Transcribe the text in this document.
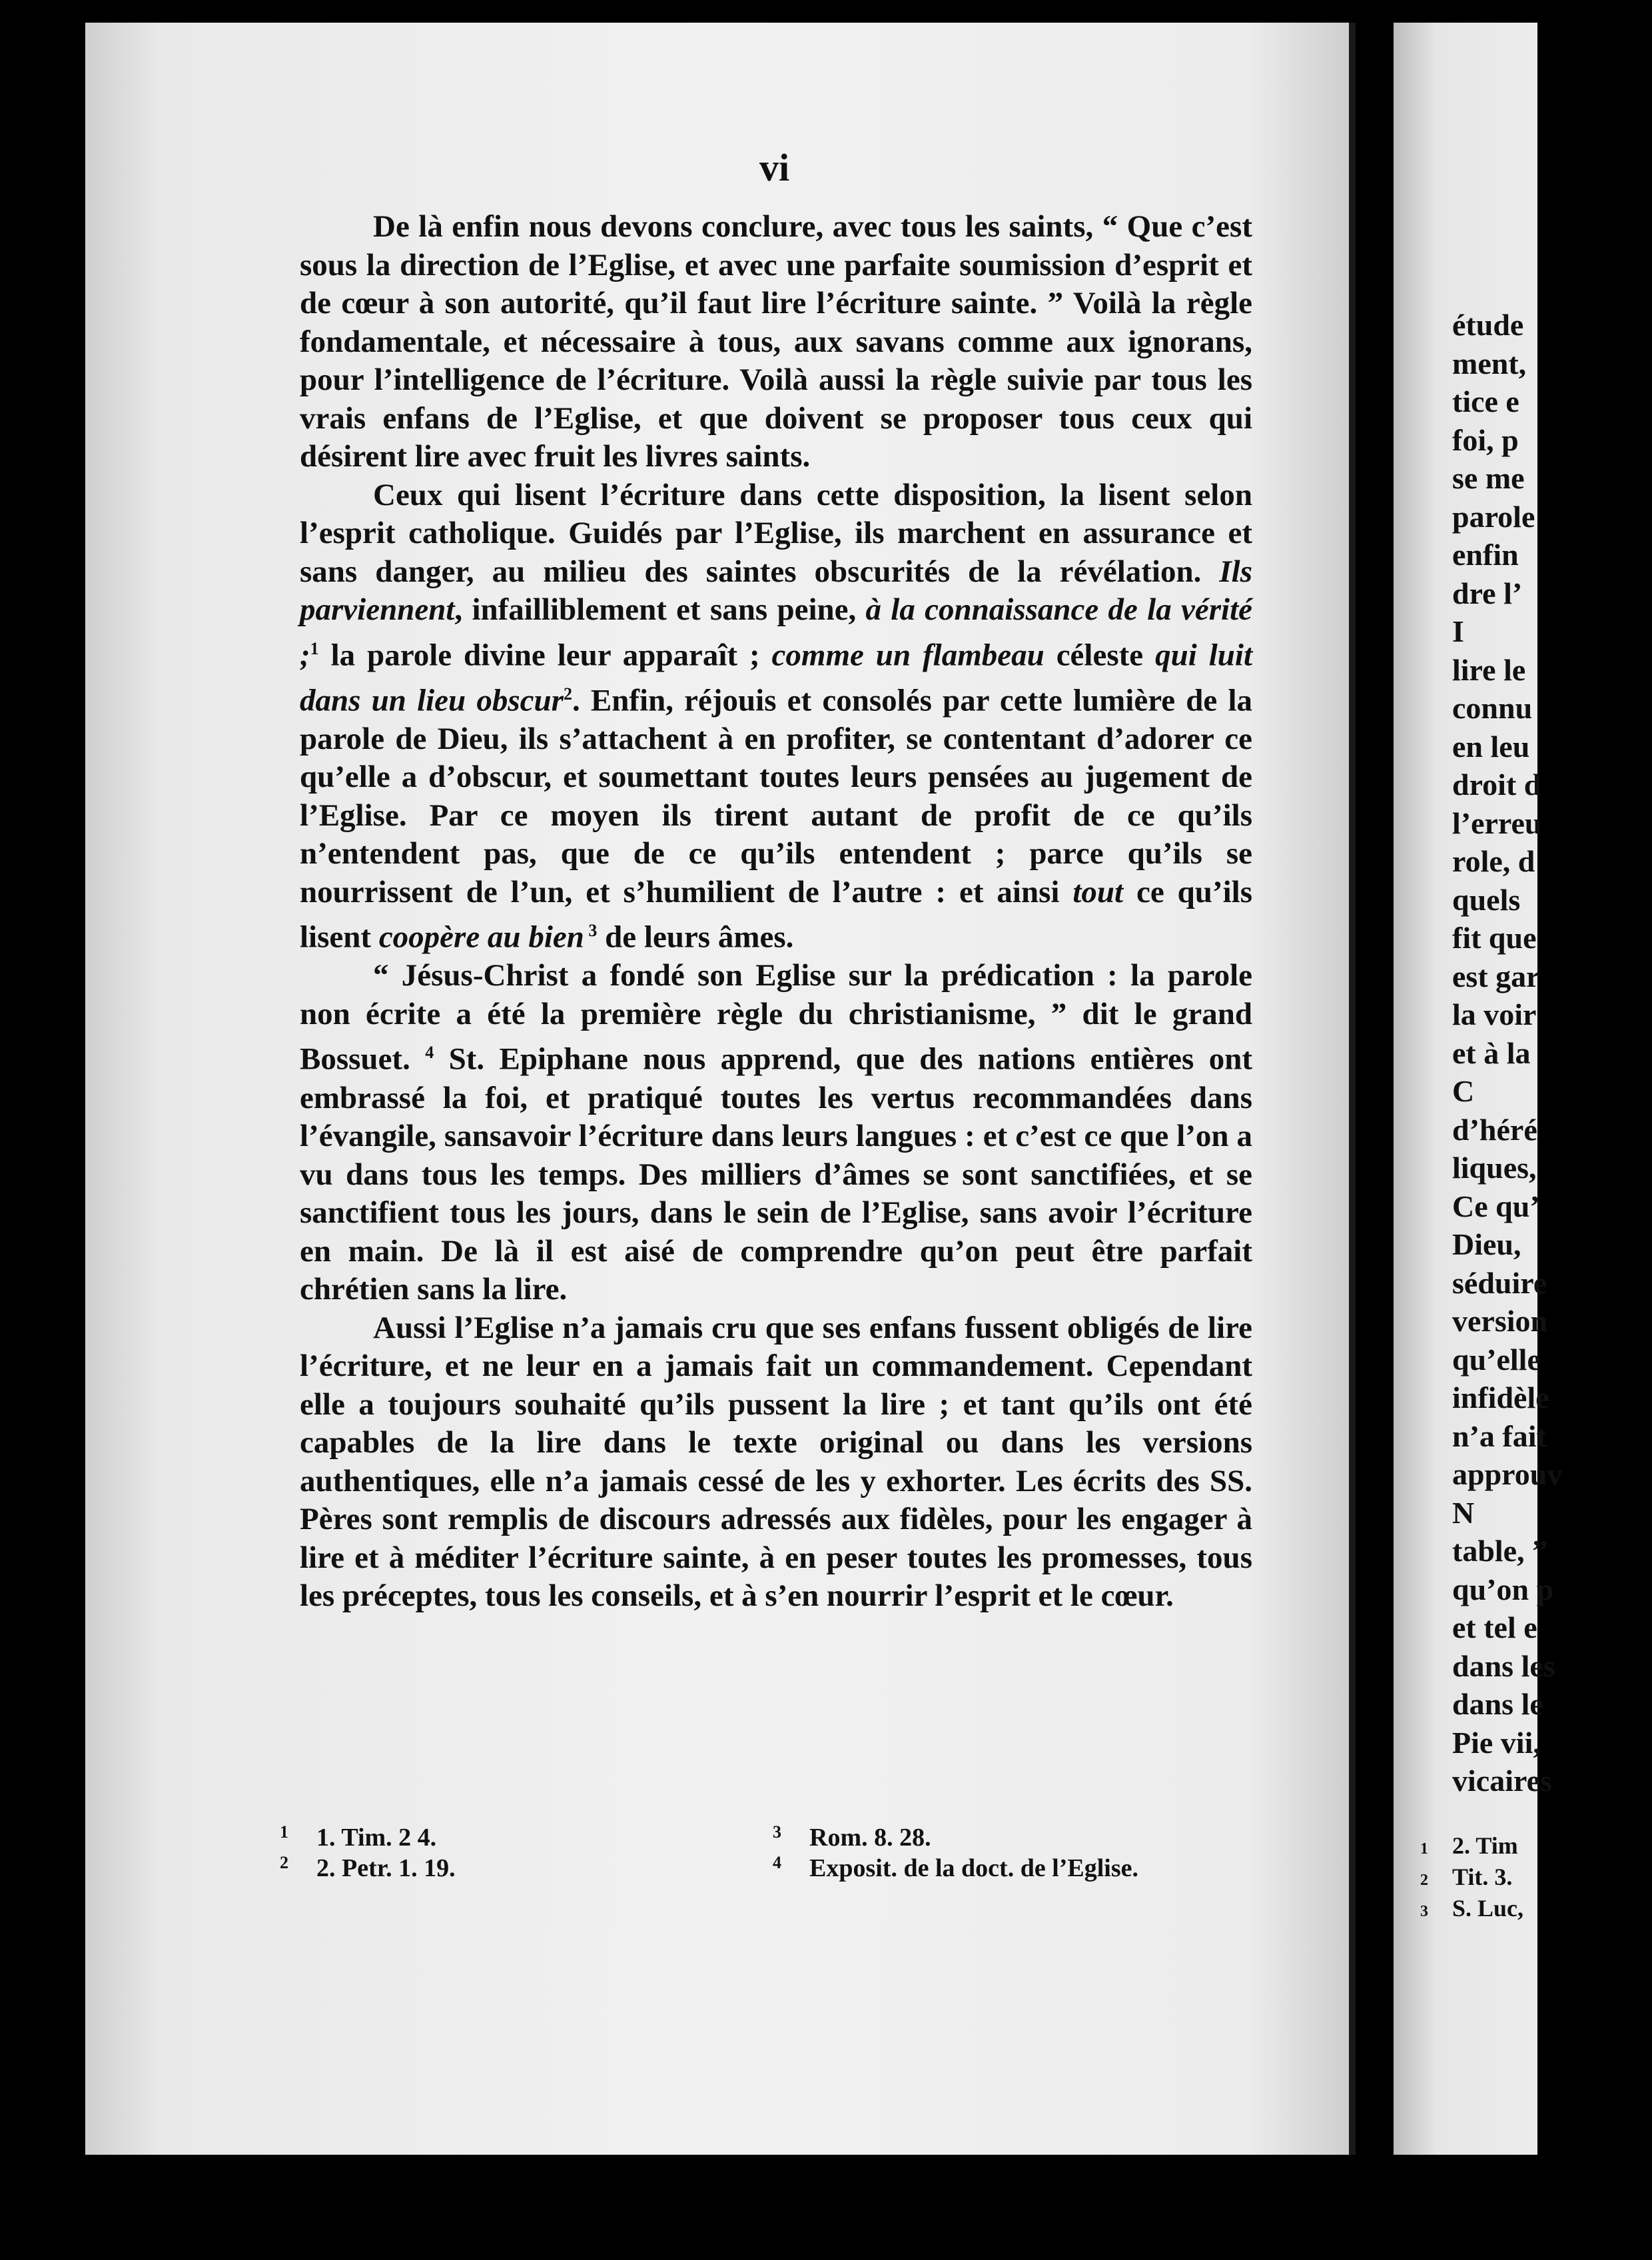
vi

De là enfin nous devons conclure, avec tous les saints, “ Que c’est sous la direction de l’Eglise, et avec une parfaite soumission d’esprit et de cœur à son autorité, qu’il faut lire l’écriture sainte. ” Voilà la règle fondamentale, et nécessaire à tous, aux savans comme aux ignorans, pour l’intelligence de l’écriture. Voilà aussi la règle suivie par tous les vrais enfans de l’Eglise, et que doivent se proposer tous ceux qui désirent lire avec fruit les livres saints.

Ceux qui lisent l’écriture dans cette disposition, la lisent selon l’esprit catholique. Guidés par l’Eglise, ils marchent en assurance et sans danger, au milieu des saintes obscurités de la révélation. Ils parviennent, infailliblement et sans peine, à la connaissance de la vérité ;$^1$ la parole divine leur apparaît ; comme un flambeau céleste qui luit dans un lieu obscur$^2$. Enfin, réjouis et consolés par cette lumière de la parole de Dieu, ils s’attachent à en profiter, se contentant d’adorer ce qu’elle a d’obscur, et soumettant toutes leurs pensées au jugement de l’Eglise. Par ce moyen ils tirent autant de profit de ce qu’ils n’entendent pas, que de ce qu’ils entendent ; parce qu’ils se nourrissent de l’un, et s’humilient de l’autre : et ainsi tout ce qu’ils lisent coopère au bien $^3$ de leurs âmes.

“ Jésus-Christ a fondé son Eglise sur la prédication : la parole non écrite a été la première règle du christianisme, ” dit le grand Bossuet. $^4$ St. Epiphane nous apprend, que des nations entières ont embrassé la foi, et pratiqué toutes les vertus recommandées dans l’évangile, sansavoir l’écriture dans leurs langues : et c’est ce que l’on a vu dans tous les temps. Des milliers d’âmes se sont sanctifiées, et se sanctifient tous les jours, dans le sein de l’Eglise, sans avoir l’écriture en main. De là il est aisé de comprendre qu’on peut être parfait chrétien sans la lire.

Aussi l’Eglise n’a jamais cru que ses enfans fussent obligés de lire l’écriture, et ne leur en a jamais fait un commandement. Cependant elle a toujours souhaité qu’ils pussent la lire ; et tant qu’ils ont été capables de la lire dans le texte original ou dans les versions authentiques, elle n’a jamais cessé de les y exhorter. Les écrits des SS. Pères sont remplis de discours adressés aux fidèles, pour les engager à lire et à méditer l’écriture sainte, à en peser toutes les promesses, tous les préceptes, tous les conseils, et à s’en nourrir l’esprit et le cœur.

1	1. Tim. 2 4.
2	2. Petr. 1. 19.
3	Rom. 8. 28.
4	Exposit. de la doct. de l’Eglise.
étude
ment,
tice e
foi, p
se me
parole
enfin
dre l’
I
lire le
connu
en leu
droit d
l’erreu
role, d
quels
fit que
est gar
la voir
et à la
C
d’héré
liques,
Ce qu’
Dieu,
séduire
version
qu’elle
infidèle
n’a fait
approuv
N
table, ”
qu’on p
et tel e
dans les
dans le
Pie vii,
vicaires
1 2. Tim
2 Tit. 3.
3 S. Luc,
